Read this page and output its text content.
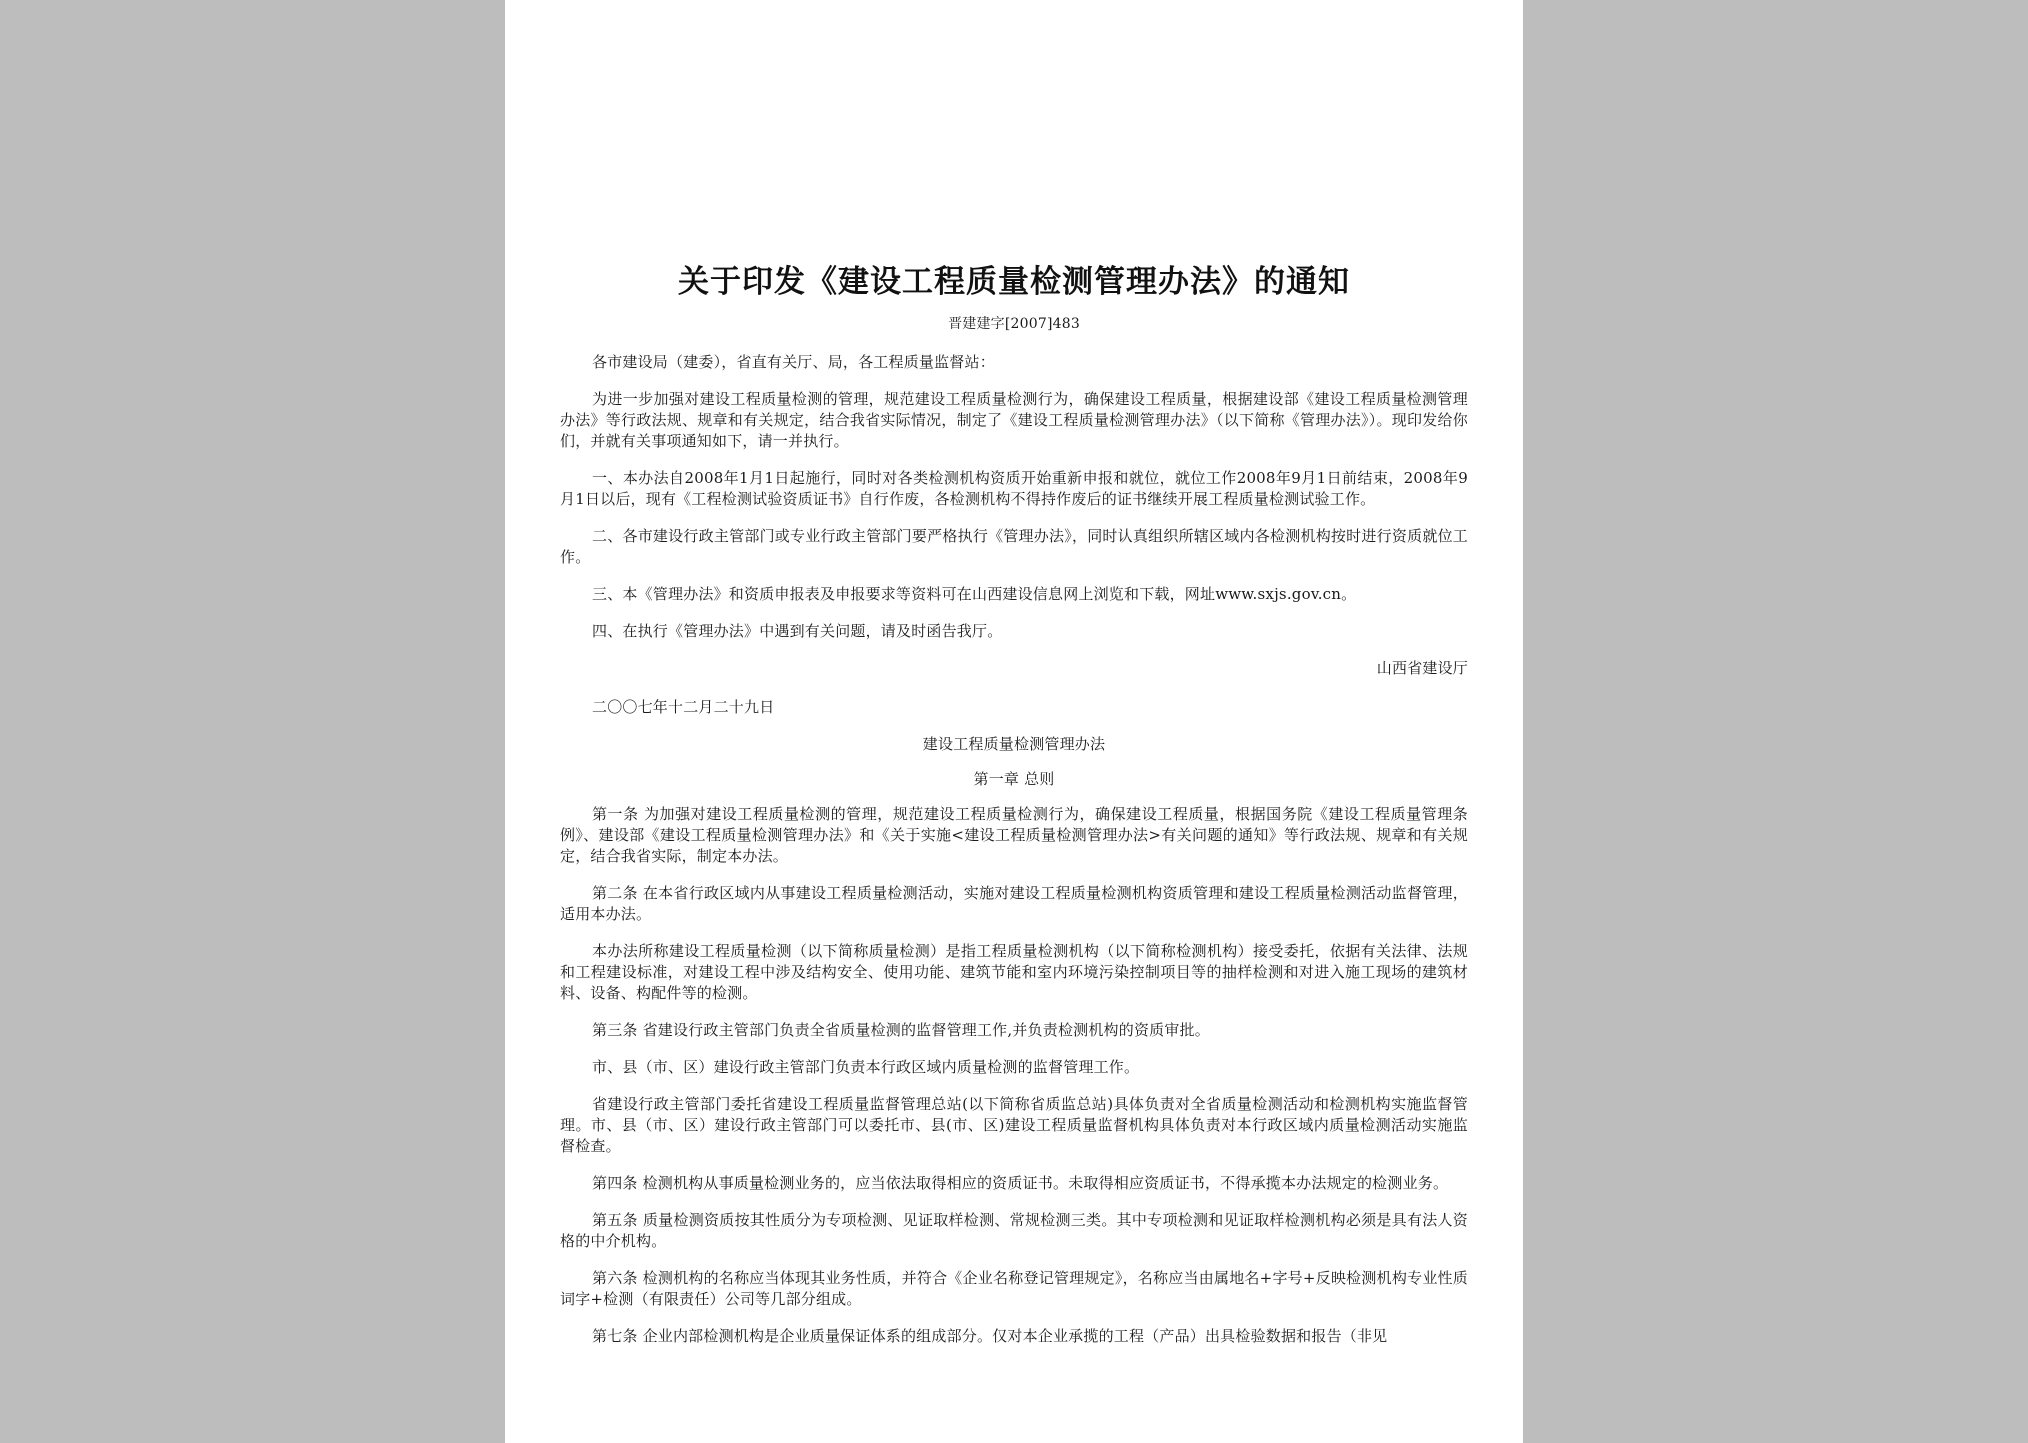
关于印发《建设工程质量检测管理办法》的通知
晋建建字[2007]483
各市建设局（建委），省直有关厅、局，各工程质量监督站：
为进一步加强对建设工程质量检测的管理，规范建设工程质量检测行为，确保建设工程质量，根据建设部《建设工程质量检测管理办法》等行政法规、规章和有关规定，结合我省实际情况，制定了《建设工程质量检测管理办法》（以下简称《管理办法》）。现印发给你们，并就有关事项通知如下，请一并执行。
一、本办法自2008年1月1日起施行，同时对各类检测机构资质开始重新申报和就位，就位工作2008年9月1日前结束，2008年9月1日以后，现有《工程检测试验资质证书》自行作废，各检测机构不得持作废后的证书继续开展工程质量检测试验工作。
二、各市建设行政主管部门或专业行政主管部门要严格执行《管理办法》，同时认真组织所辖区域内各检测机构按时进行资质就位工作。
三、本《管理办法》和资质申报表及申报要求等资料可在山西建设信息网上浏览和下载，网址www.sxjs.gov.cn。
四、在执行《管理办法》中遇到有关问题，请及时函告我厅。
山西省建设厅
二〇〇七年十二月二十九日
建设工程质量检测管理办法
第一章 总则
第一条 为加强对建设工程质量检测的管理，规范建设工程质量检测行为，确保建设工程质量，根据国务院《建设工程质量管理条例》、建设部《建设工程质量检测管理办法》和《关于实施<建设工程质量检测管理办法>有关问题的通知》等行政法规、规章和有关规定，结合我省实际，制定本办法。
第二条 在本省行政区域内从事建设工程质量检测活动，实施对建设工程质量检测机构资质管理和建设工程质量检测活动监督管理，适用本办法。
本办法所称建设工程质量检测（以下简称质量检测）是指工程质量检测机构（以下简称检测机构）接受委托，依据有关法律、法规和工程建设标准，对建设工程中涉及结构安全、使用功能、建筑节能和室内环境污染控制项目等的抽样检测和对进入施工现场的建筑材料、设备、构配件等的检测。
第三条 省建设行政主管部门负责全省质量检测的监督管理工作,并负责检测机构的资质审批。
市、县（市、区）建设行政主管部门负责本行政区域内质量检测的监督管理工作。
省建设行政主管部门委托省建设工程质量监督管理总站(以下简称省质监总站)具体负责对全省质量检测活动和检测机构实施监督管理。市、县（市、区）建设行政主管部门可以委托市、县(市、区)建设工程质量监督机构具体负责对本行政区域内质量检测活动实施监督检查。
第四条 检测机构从事质量检测业务的，应当依法取得相应的资质证书。未取得相应资质证书，不得承揽本办法规定的检测业务。
第五条 质量检测资质按其性质分为专项检测、见证取样检测、常规检测三类。其中专项检测和见证取样检测机构必须是具有法人资格的中介机构。
第六条 检测机构的名称应当体现其业务性质，并符合《企业名称登记管理规定》，名称应当由属地名+字号+反映检测机构专业性质词字+检测（有限责任）公司等几部分组成。
第七条 企业内部检测机构是企业质量保证体系的组成部分。仅对本企业承揽的工程（产品）出具检验数据和报告（非见
